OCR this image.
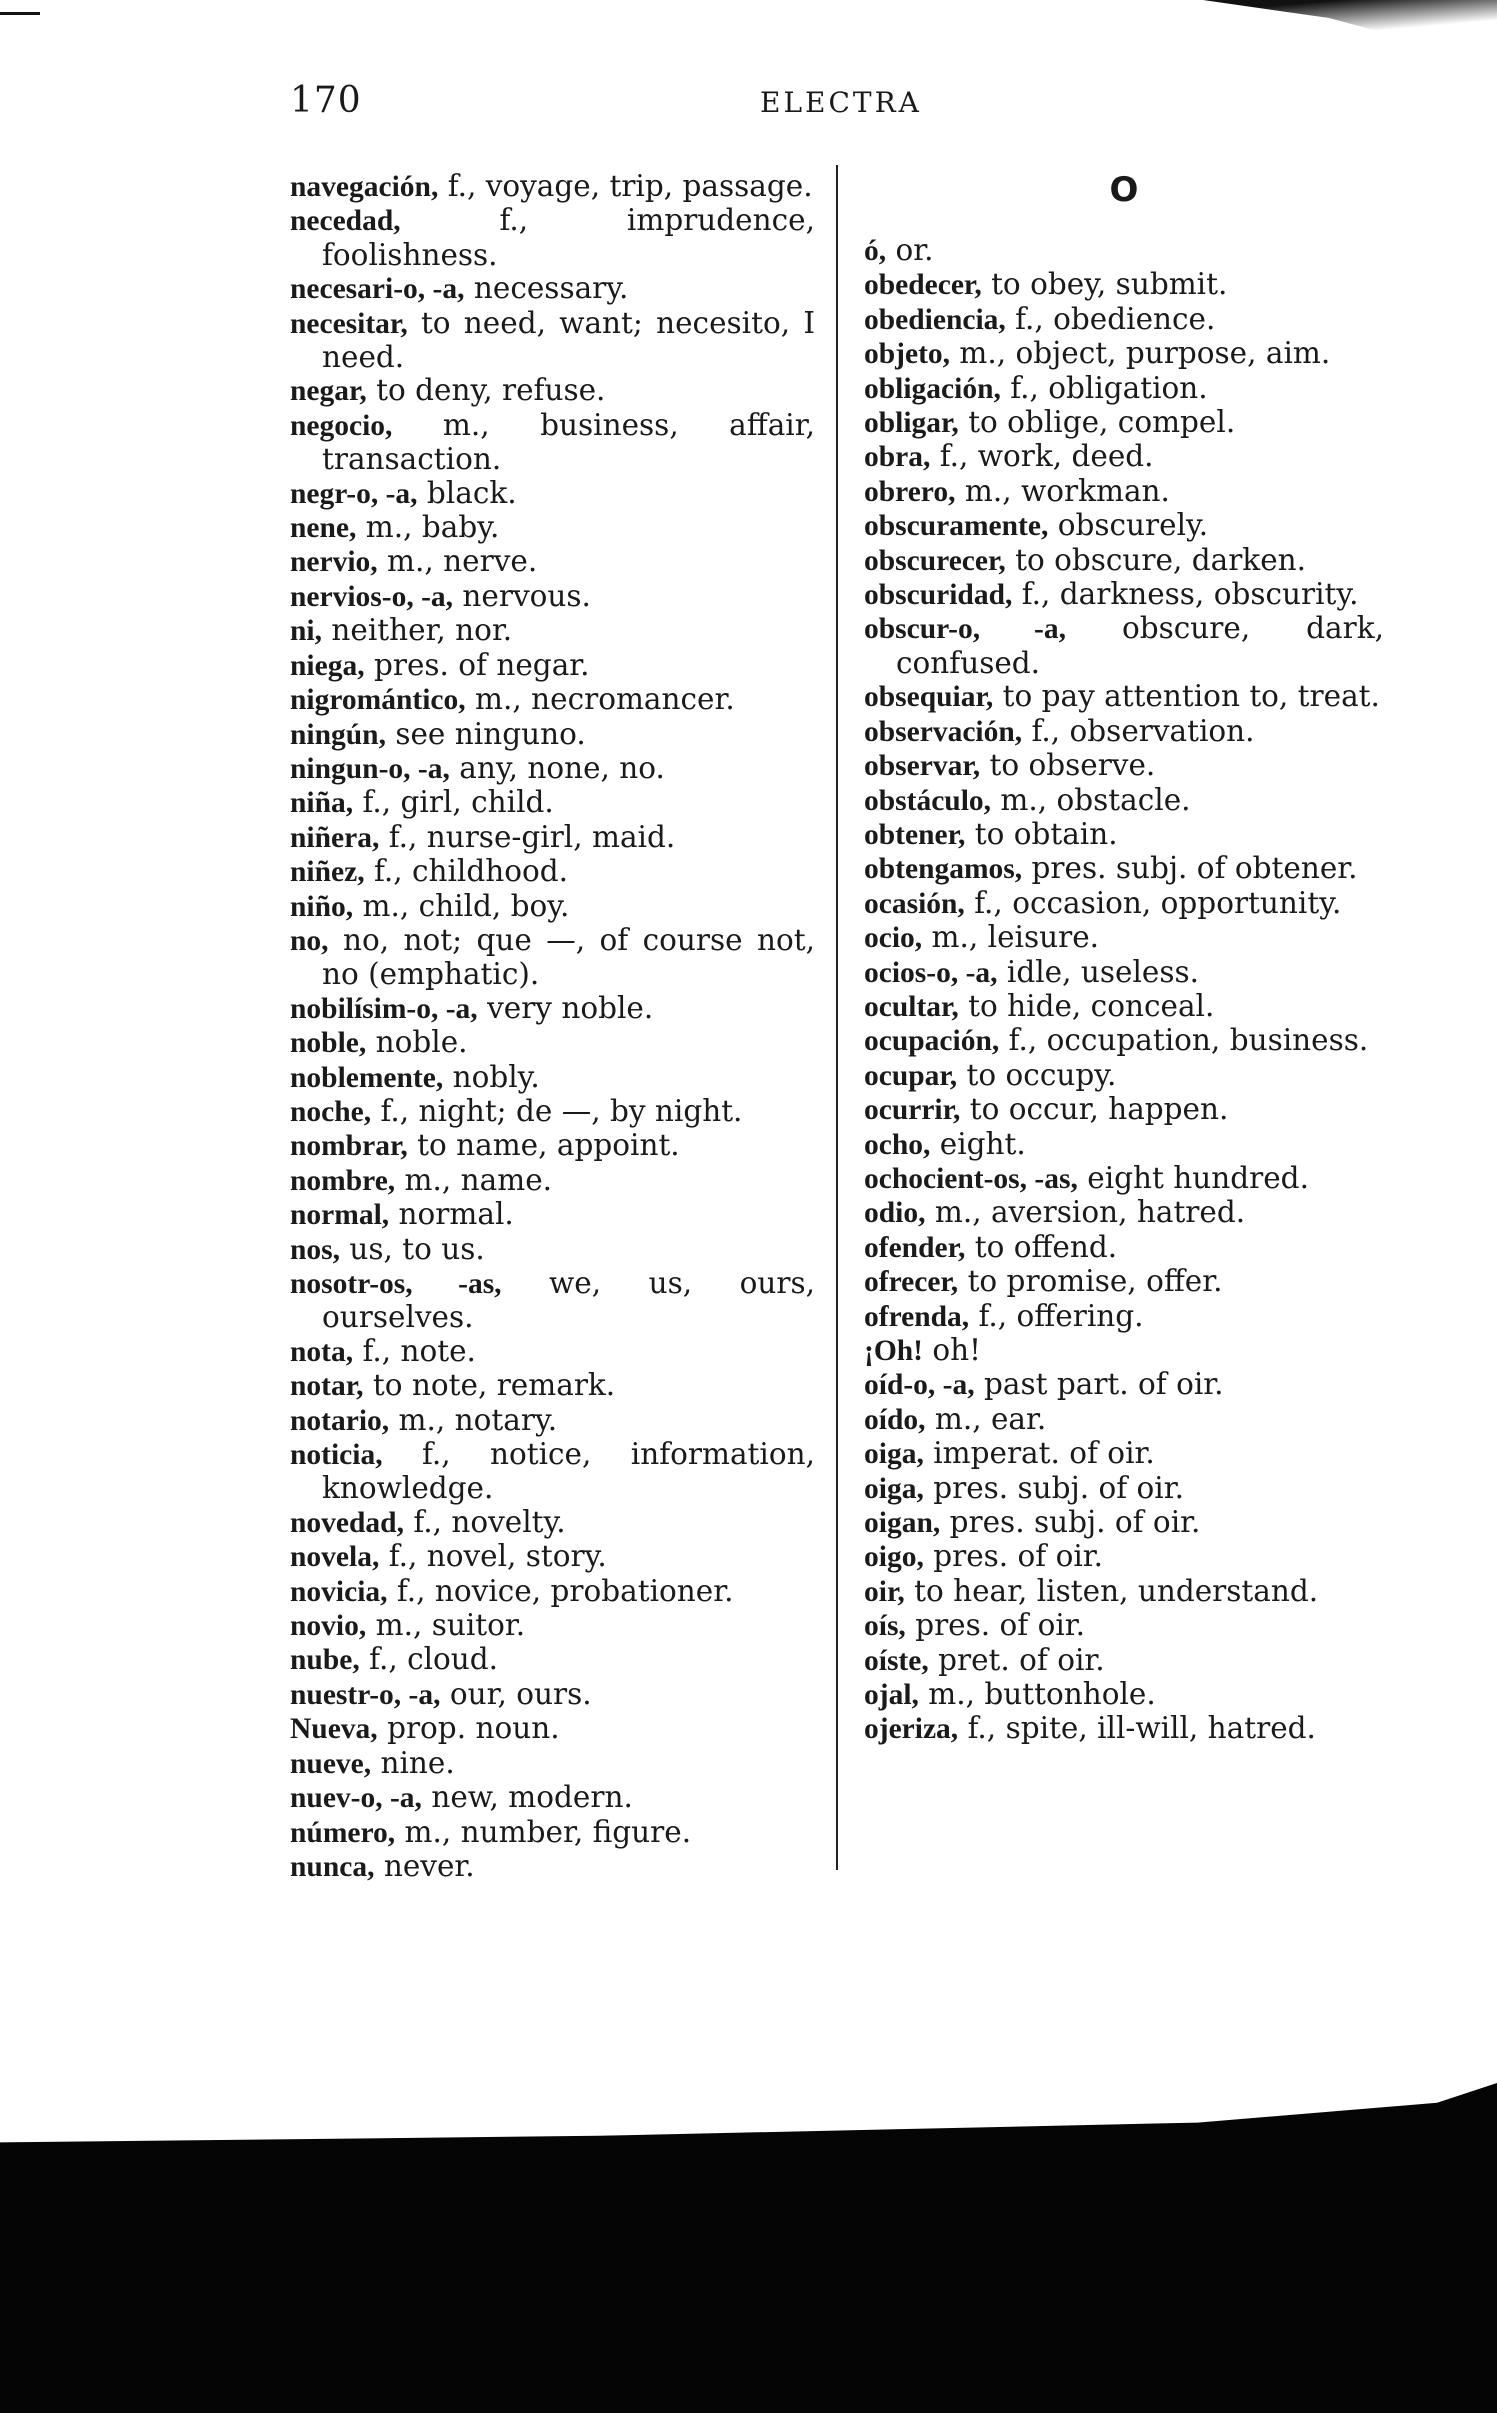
170	ELECTRA

navegación, f., voyage, trip, passage.

necedad, f., imprudence, foolishness.

necesari-o, -a, necessary.

necesitar, to need, want; necesito, I need.

negar, to deny, refuse.

negocio, m., business, affair, transaction.

negr-o, -a, black.

nene, m., baby.

nervio, m., nerve.

nervios-o, -a, nervous.

ni, neither, nor.

niega, pres. of negar.

nigromántico, m., necromancer.

ningún, see ninguno.

ningun-o, -a, any, none, no.

niña, f., girl, child.

niñera, f., nurse-girl, maid.

niñez, f., childhood.

niño, m., child, boy.

no, no, not; que —, of course not, no (emphatic).

nobilísim-o, -a, very noble.

noble, noble.

noblemente, nobly.

noche, f., night; de —, by night.

nombrar, to name, appoint.

nombre, m., name.

normal, normal.

nos, us, to us.

nosotr-os, -as, we, us, ours, ourselves.

nota, f., note.

notar, to note, remark.

notario, m., notary.

noticia, f., notice, information, knowledge.

novedad, f., novelty.

novela, f., novel, story.

novicia, f., novice, probationer.

novio, m., suitor.

nube, f., cloud.

nuestr-o, -a, our, ours.

Nueva, prop. noun.

nueve, nine.

nuev-o, -a, new, modern.

número, m., number, figure.

nunca, never.

O

ó, or.

obedecer, to obey, submit.

obediencia, f., obedience.

objeto, m., object, purpose, aim.

obligación, f., obligation.

obligar, to oblige, compel.

obra, f., work, deed.

obrero, m., workman.

obscuramente, obscurely.

obscurecer, to obscure, darken.

obscuridad, f., darkness, obscurity.

obscur-o, -a, obscure, dark, confused.

obsequiar, to pay attention to, treat.

observación, f., observation.

observar, to observe.

obstáculo, m., obstacle.

obtener, to obtain.

obtengamos, pres. subj. of obtener.

ocasión, f., occasion, opportunity.

ocio, m., leisure.

ocios-o, -a, idle, useless.

ocultar, to hide, conceal.

ocupación, f., occupation, business.

ocupar, to occupy.

ocurrir, to occur, happen.

ocho, eight.

ochocient-os, -as, eight hundred.

odio, m., aversion, hatred.

ofender, to offend.

ofrecer, to promise, offer.

ofrenda, f., offering.

¡Oh! oh!

oíd-o, -a, past part. of oir.

oído, m., ear.

oiga, imperat. of oir.

oiga, pres. subj. of oir.

oigan, pres. subj. of oir.

oigo, pres. of oir.

oir, to hear, listen, understand.

oís, pres. of oir.

oíste, pret. of oir.

ojal, m., buttonhole.

ojeriza, f., spite, ill-will, hatred.
